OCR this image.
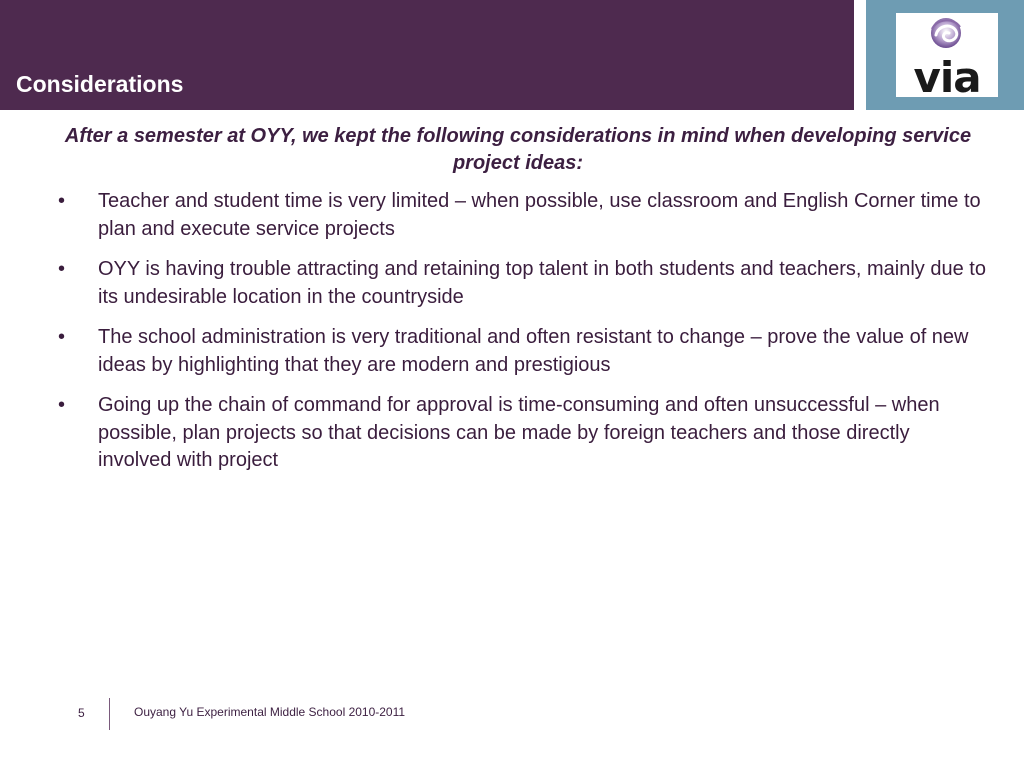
Considerations	via
After a semester at OYY, we kept the following considerations in mind when developing service project ideas:
•	Teacher and student time is very limited – when possible, use classroom and English Corner time to plan and execute service projects
•	OYY is having trouble attracting and retaining top talent in both students and teachers, mainly due to its undesirable location in the countryside
•	The school administration is very traditional and often resistant to change – prove the value of new ideas by highlighting that they are modern and prestigious
•	Going up the chain of command for approval is time-consuming and often unsuccessful – when possible, plan projects so that decisions can be made by foreign teachers and those directly involved with project
5	Ouyang Yu Experimental Middle School 2010-2011
